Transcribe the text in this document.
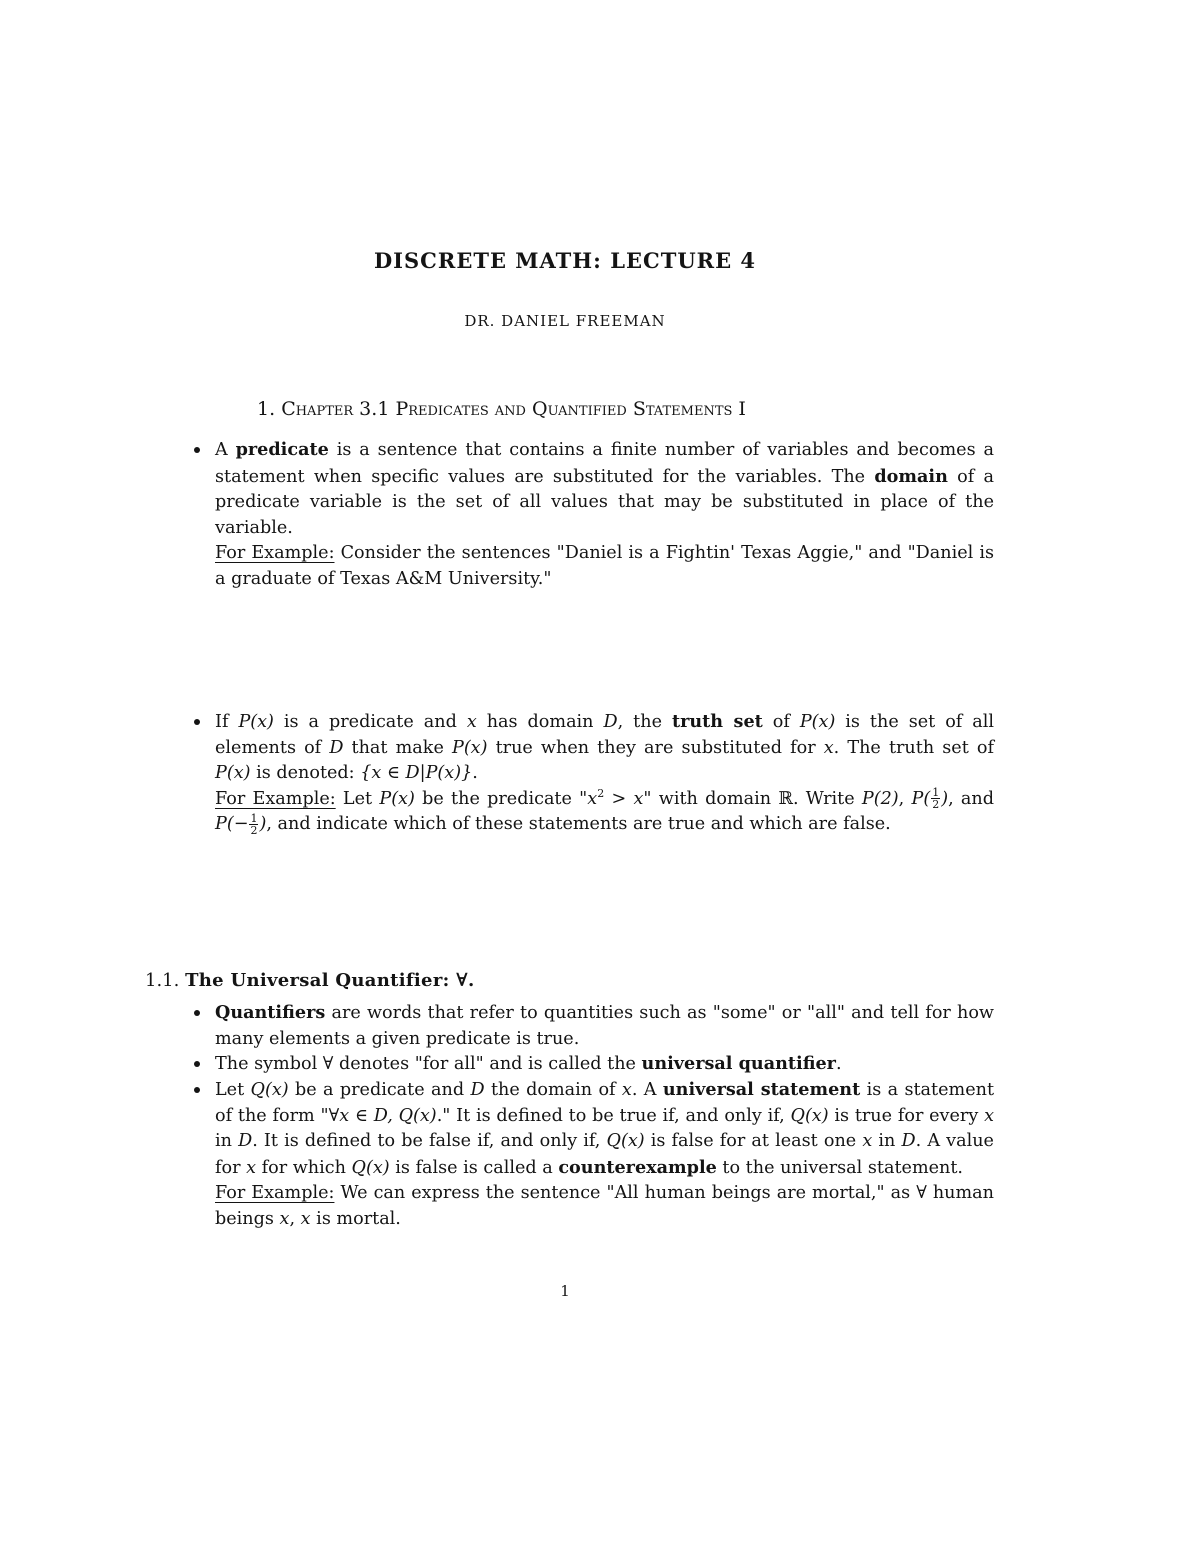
DISCRETE MATH: LECTURE 4
DR. DANIEL FREEMAN
1. Chapter 3.1 Predicates and Quantified Statements I
A predicate is a sentence that contains a finite number of variables and becomes a statement when specific values are substituted for the variables. The domain of a predicate variable is the set of all values that may be substituted in place of the variable.
For Example: Consider the sentences "Daniel is a Fightin' Texas Aggie," and "Daniel is a graduate of Texas A&M University."
If P(x) is a predicate and x has domain D, the truth set of P(x) is the set of all elements of D that make P(x) true when they are substituted for x. The truth set of P(x) is denoted: {x ∈ D|P(x)}.
For Example: Let P(x) be the predicate "$x^2 > x$" with domain ℝ. Write P(2), $P( \frac{1}{2}$ ), and $P(- \frac{1}{2}$ ), and indicate which of these statements are true and which are false.
1.1. The Universal Quantifier: ∀.
Quantifiers are words that refer to quantities such as "some" or "all" and tell for how many elements a given predicate is true.
The symbol ∀ denotes "for all" and is called the universal quantifier.
Let Q(x) be a predicate and D the domain of x. A universal statement is a statement of the form "∀x ∈ D, Q(x)." It is defined to be true if, and only if, Q(x) is true for every x in D. It is defined to be false if, and only if, Q(x) is false for at least one x in D. A value for x for which Q(x) is false is called a counterexample to the universal statement.
For Example: We can express the sentence "All human beings are mortal," as ∀ human beings x, x is mortal.
1
